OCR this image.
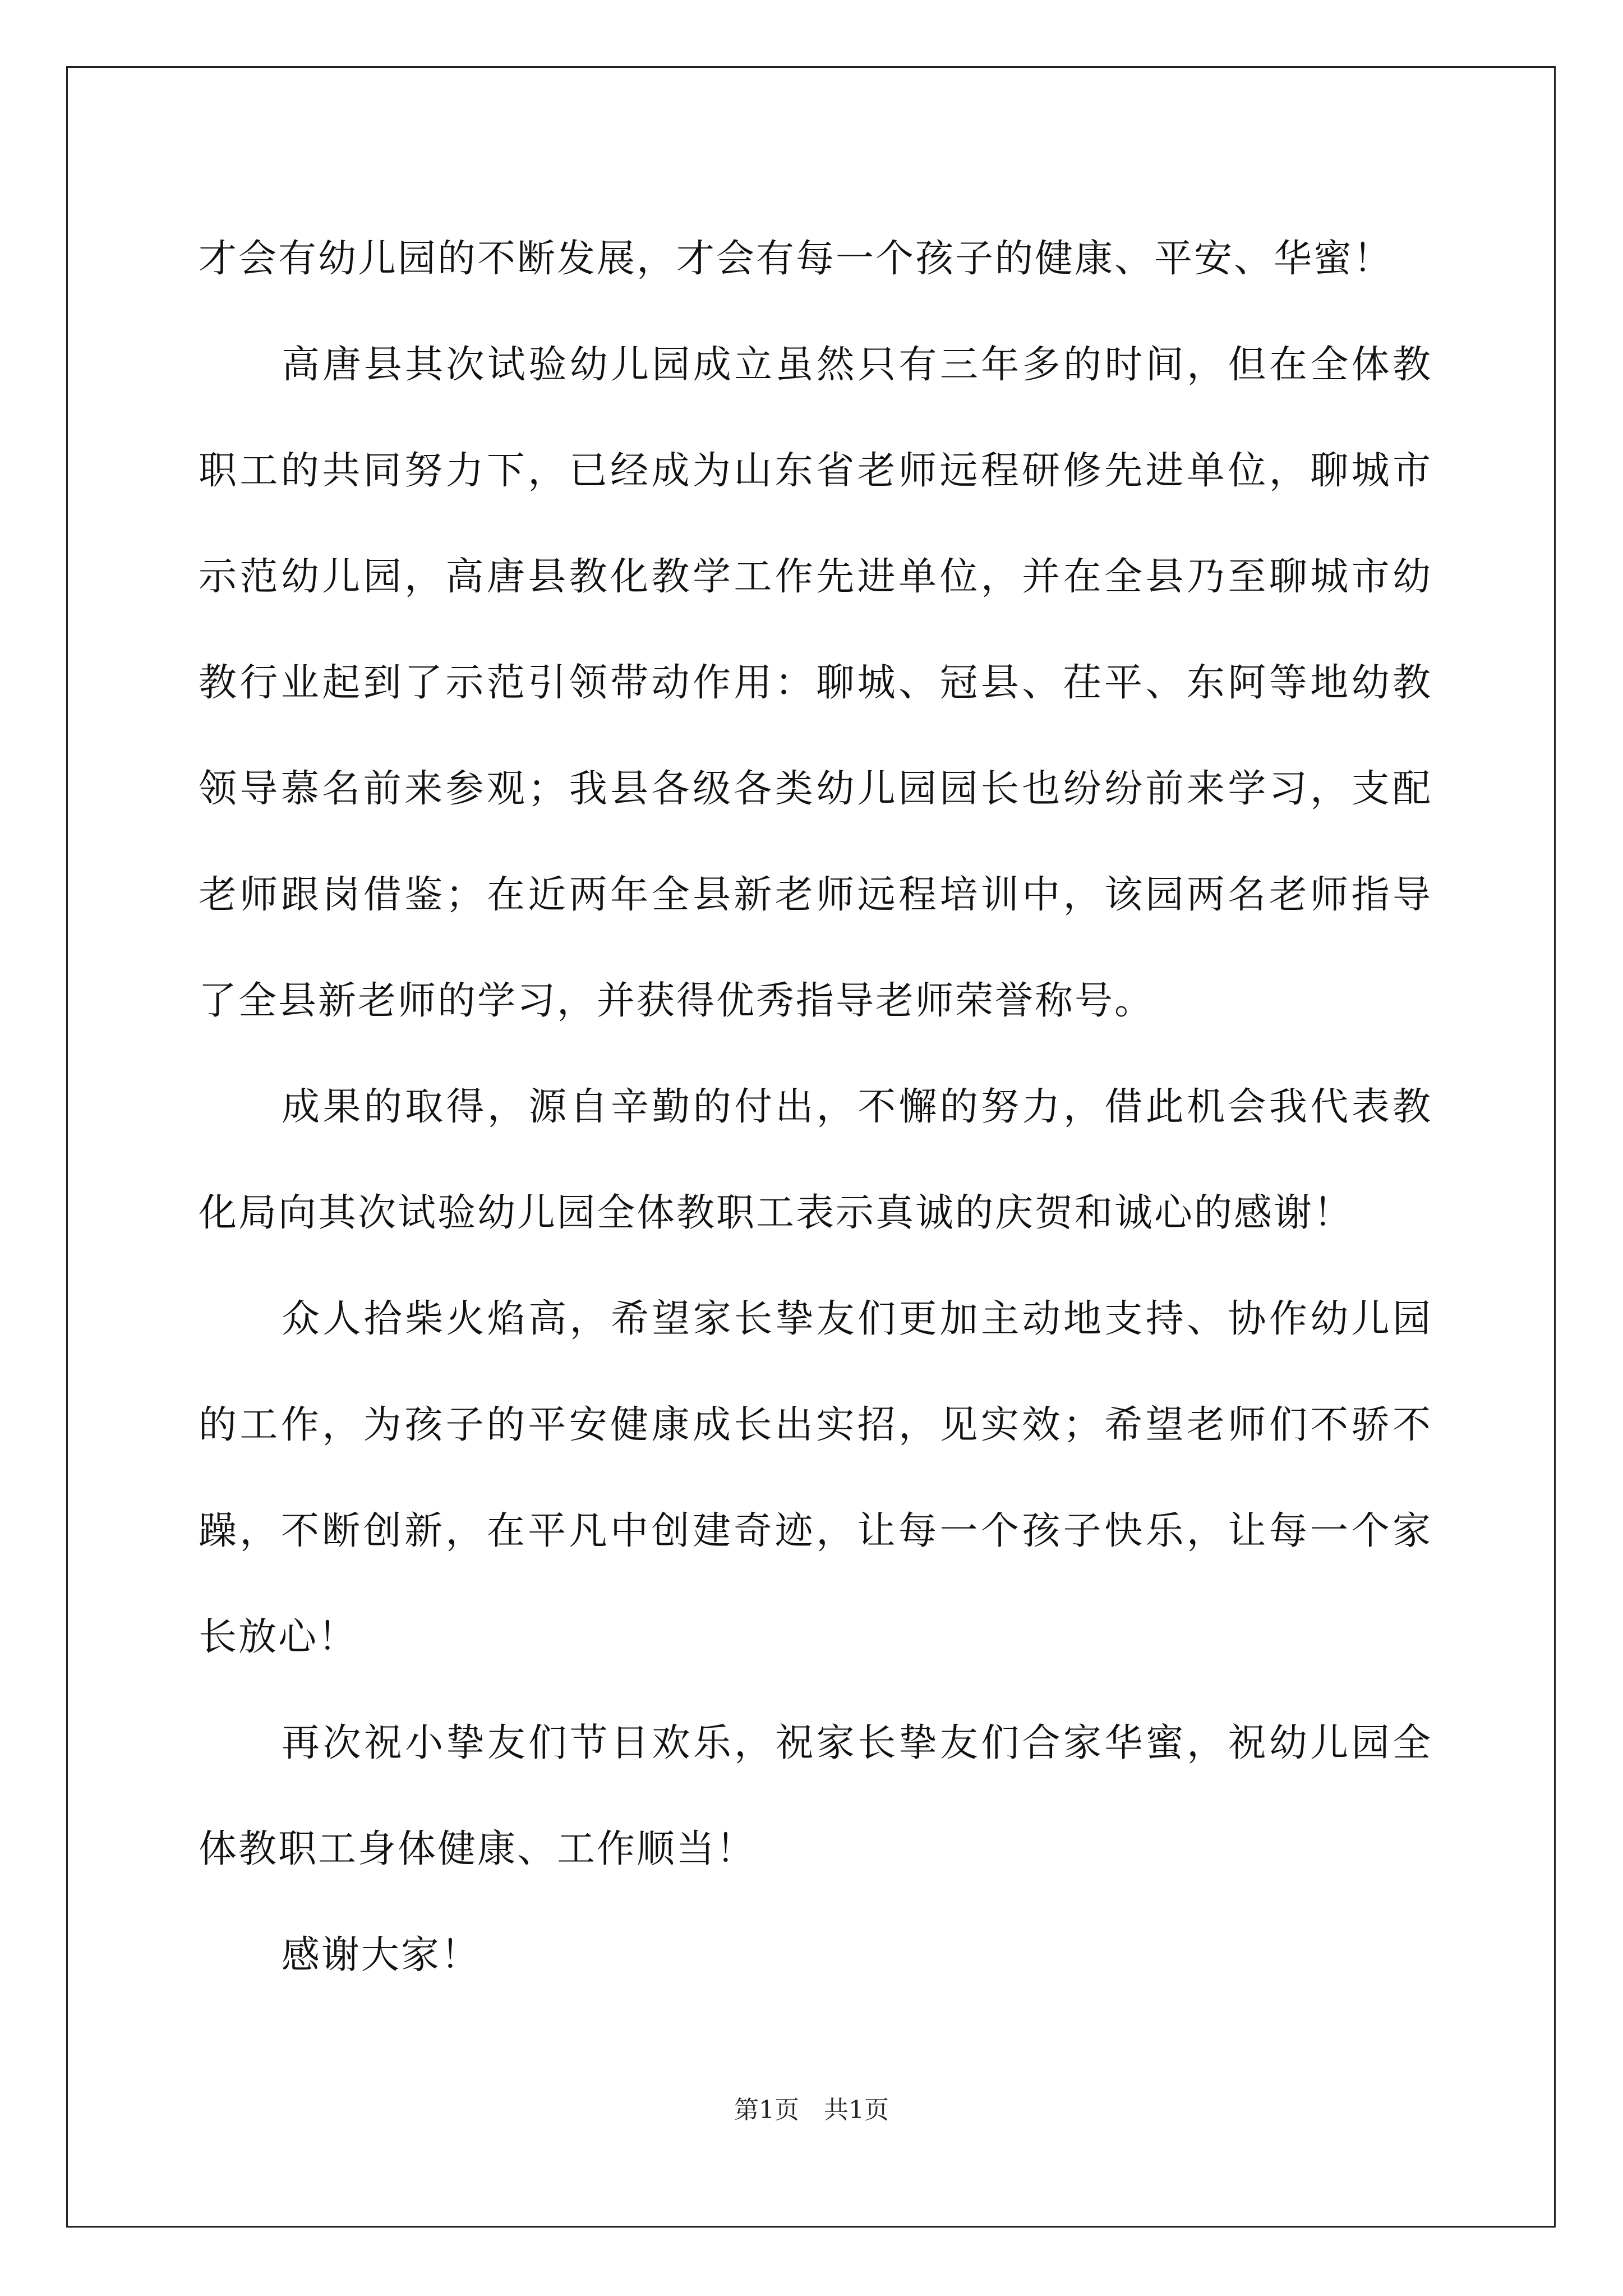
才会有幼儿园的不断发展，才会有每一个孩子的健康、平安、华蜜！

高唐县其次试验幼儿园成立虽然只有三年多的时间，但在全体教职工的共同努力下，已经成为山东省老师远程研修先进单位，聊城市示范幼儿园，高唐县教化教学工作先进单位，并在全县乃至聊城市幼教行业起到了示范引领带动作用：聊城、冠县、茌平、东阿等地幼教领导慕名前来参观；我县各级各类幼儿园园长也纷纷前来学习，支配老师跟岗借鉴；在近两年全县新老师远程培训中，该园两名老师指导了全县新老师的学习，并获得优秀指导老师荣誉称号。

成果的取得，源自辛勤的付出，不懈的努力，借此机会我代表教化局向其次试验幼儿园全体教职工表示真诚的庆贺和诚心的感谢！

众人拾柴火焰高，希望家长挚友们更加主动地支持、协作幼儿园的工作，为孩子的平安健康成长出实招，见实效；希望老师们不骄不躁，不断创新，在平凡中创建奇迹，让每一个孩子快乐，让每一个家长放心！

再次祝小挚友们节日欢乐，祝家长挚友们合家华蜜，祝幼儿园全体教职工身体健康、工作顺当！

感谢大家！

第1页　共1页
